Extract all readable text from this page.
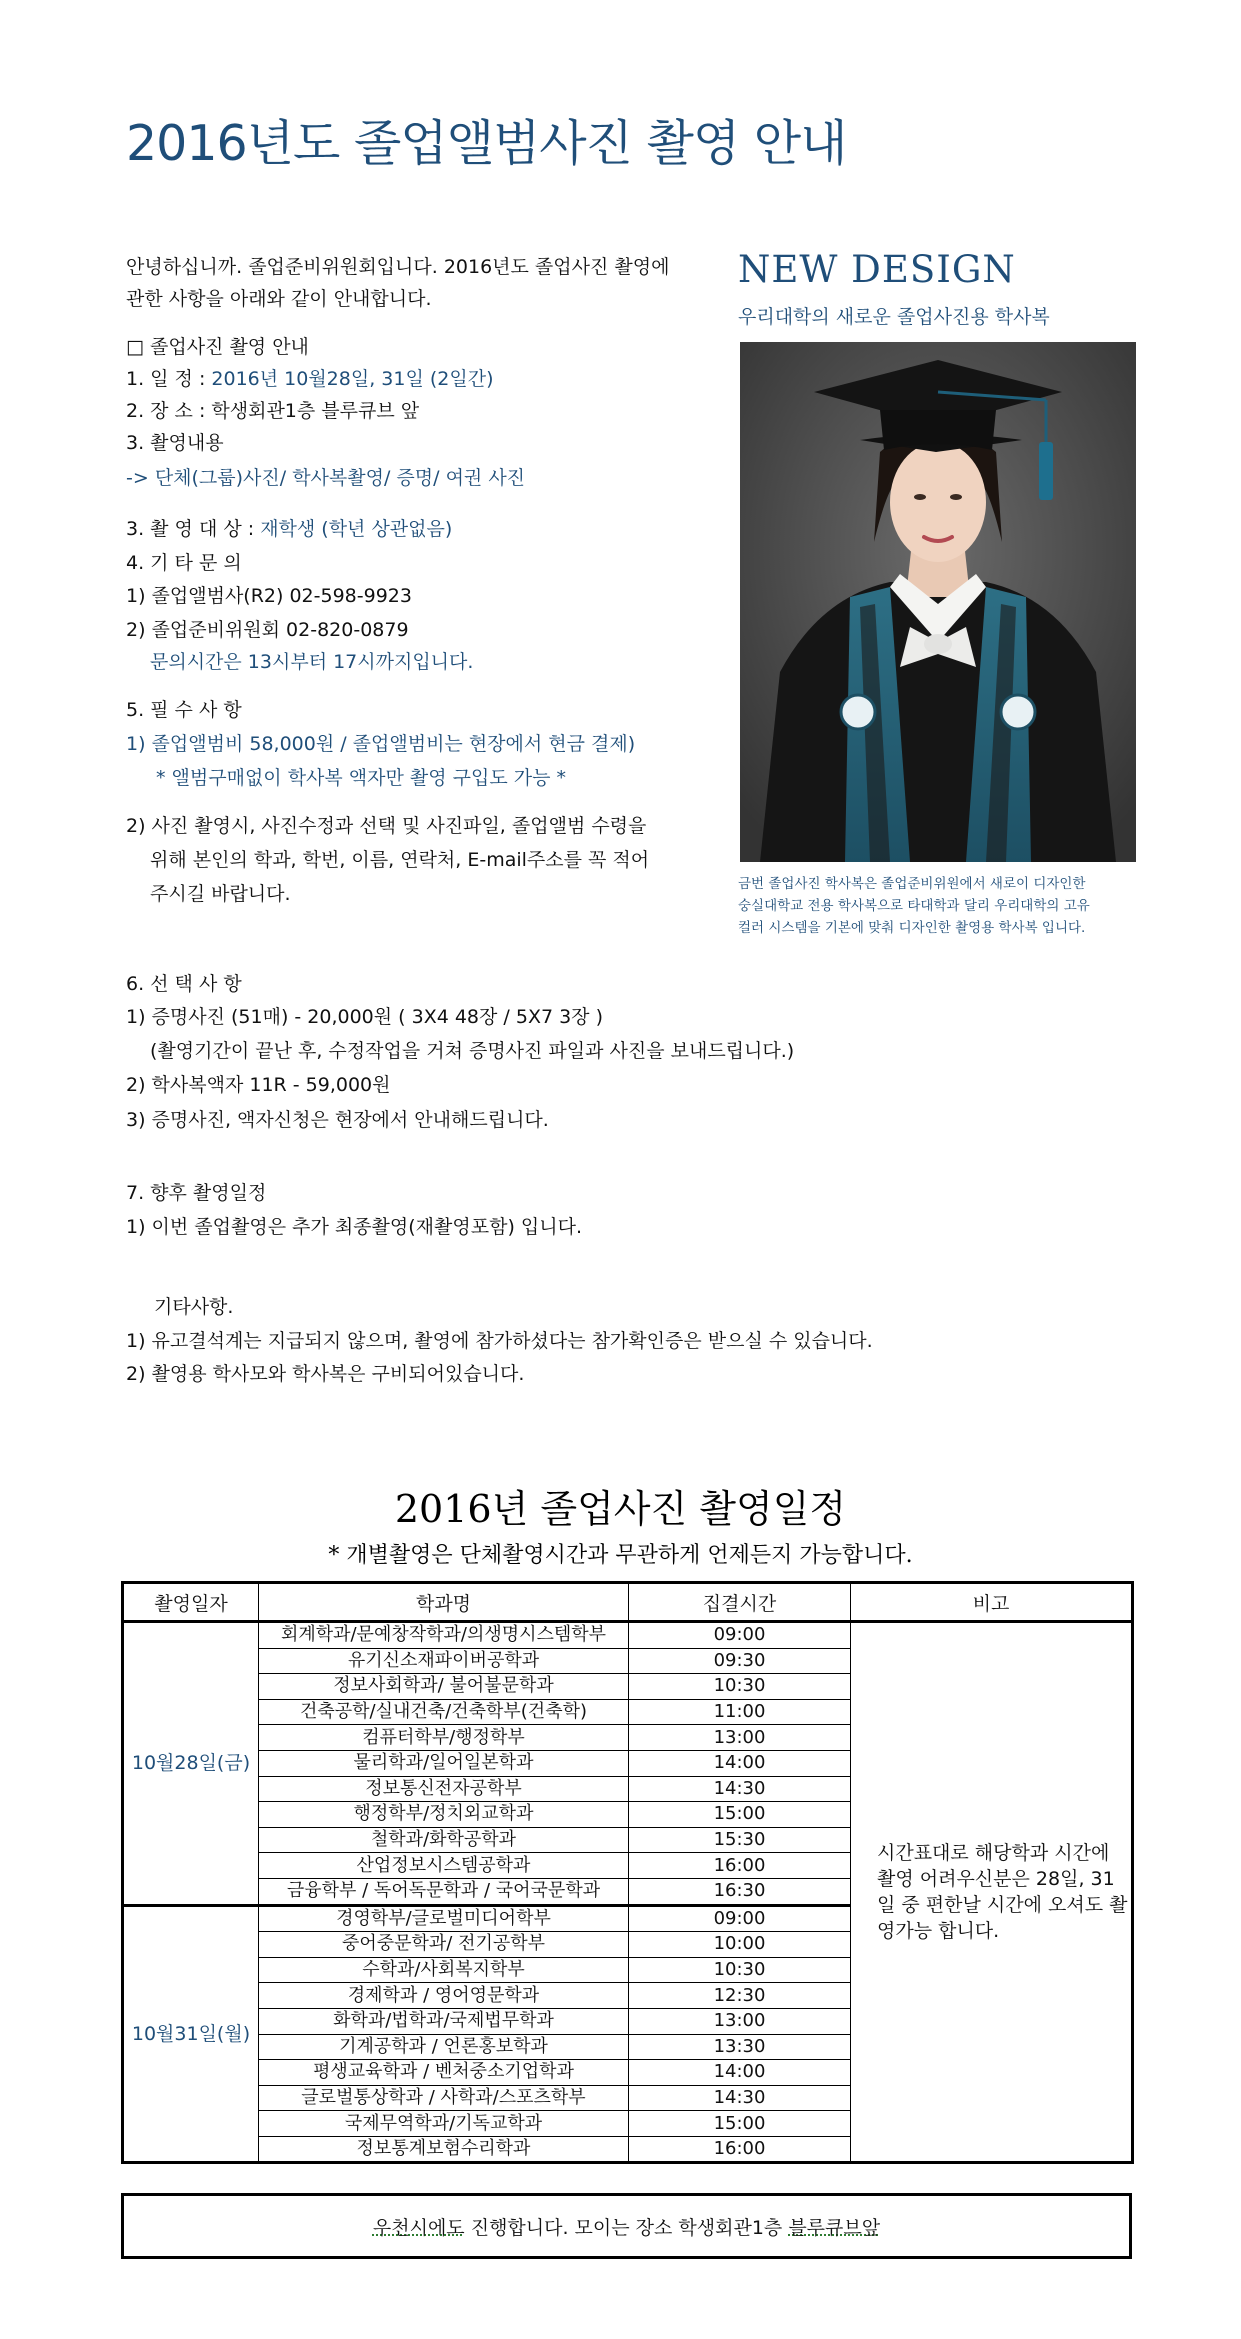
2016년도 졸업앨범사진 촬영 안내
안녕하십니까. 졸업준비위원회입니다. 2016년도 졸업사진 촬영에
관한 사항을 아래와 같이 안내합니다.
□ 졸업사진 촬영 안내
1. 일 정 : 2016년 10월28일, 31일 (2일간)
2. 장 소 : 학생회관1층 블루큐브 앞
3. 촬영내용
-> 단체(그룹)사진/ 학사복촬영/ 증명/ 여권 사진
3. 촬 영 대 상 : 재학생 (학년 상관없음)
4. 기 타 문 의
1) 졸업앨범사(R2) 02-598-9923
2) 졸업준비위원회 02-820-0879
문의시간은 13시부터 17시까지입니다.
5. 필 수 사 항
1) 졸업앨범비 58,000원 / 졸업앨범비는 현장에서 현금 결제)
* 앨범구매없이 학사복 액자만 촬영 구입도 가능 *
2) 사진 촬영시, 사진수정과 선택 및 사진파일, 졸업앨범 수령을
위해 본인의 학과, 학번, 이름, 연락처, E-mail주소를 꼭 적어
주시길 바랍니다.
6. 선 택 사 항
1) 증명사진 (51매) - 20,000원 ( 3X4 48장 / 5X7 3장 )
(촬영기간이 끝난 후, 수정작업을 거쳐 증명사진 파일과 사진을 보내드립니다.)
2) 학사복액자 11R - 59,000원
3) 증명사진, 액자신청은 현장에서 안내해드립니다.
7. 향후 촬영일정
1) 이번 졸업촬영은 추가 최종촬영(재촬영포함) 입니다.
기타사항.
1) 유고결석계는 지급되지 않으며, 촬영에 참가하셨다는 참가확인증은 받으실 수 있습니다.
2) 촬영용 학사모와 학사복은 구비되어있습니다.
NEW DESIGN
우리대학의 새로운 졸업사진용 학사복
금번 졸업사진 학사복은 졸업준비위원에서 새로이 디자인한
숭실대학교 전용 학사복으로 타대학과 달리 우리대학의 고유
컬러 시스템을 기본에 맞춰 디자인한 촬영용 학사복 입니다.
2016년 졸업사진 촬영일정
* 개별촬영은 단체촬영시간과 무관하게 언제든지 가능합니다.
촬영일자	학과명	집결시간	비고
10월28일(금)	회계학과/문예창작학과/의생명시스템학부	09:00	시간표대로 해당학과 시간에 촬영 어려우신분은 28일, 31일 중 편한날 시간에 오셔도 촬영가능 합니다.
	유기신소재파이버공학과	09:30	
	정보사회학과/ 불어불문학과	10:30	
	건축공학/실내건축/건축학부(건축학)	11:00	
	컴퓨터학부/행정학부	13:00	
	물리학과/일어일본학과	14:00	
	정보통신전자공학부	14:30	
	행정학부/정치외교학과	15:00	
	철학과/화학공학과	15:30	
	산업정보시스템공학과	16:00	
	금융학부 / 독어독문학과 / 국어국문학과	16:30	
10월31일(월)	경영학부/글로벌미디어학부	09:00	
	중어중문학과/ 전기공학부	10:00	
	수학과/사회복지학부	10:30	
	경제학과 / 영어영문학과	12:30	
	화학과/법학과/국제법무학과	13:00	
	기계공학과 / 언론홍보학과	13:30	
	평생교육학과 / 벤처중소기업학과	14:00	
	글로벌통상학과 / 사학과/스포츠학부	14:30	
	국제무역학과/기독교학과	15:00	
	정보통계보험수리학과	16:00	
우천시에도 진행합니다. 모이는 장소 학생회관1층 블루큐브앞
